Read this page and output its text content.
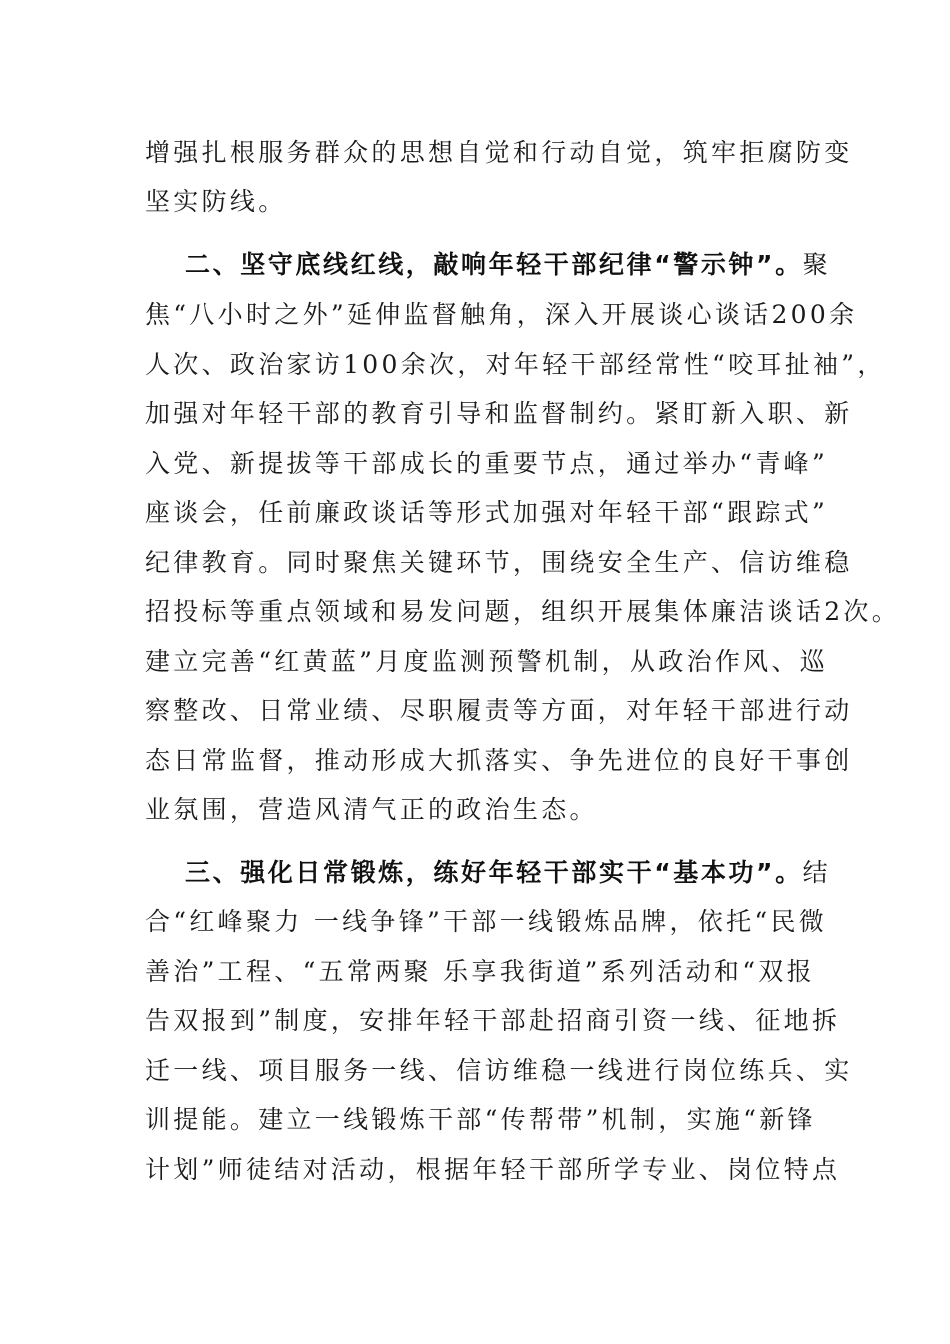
增强扎根服务群众的思想自觉和行动自觉，筑牢拒腐防变
坚实防线。
二、坚守底线红线，敲响年轻干部纪律“警示钟”。聚
焦“八小时之外”延伸监督触角，深入开展谈心谈话200余
人次、政治家访100余次，对年轻干部经常性“咬耳扯袖”，
加强对年轻干部的教育引导和监督制约。紧盯新入职、新
入党、新提拔等干部成长的重要节点，通过举办“青峰”
座谈会，任前廉政谈话等形式加强对年轻干部“跟踪式”
纪律教育。同时聚焦关键环节，围绕安全生产、信访维稳
招投标等重点领域和易发问题，组织开展集体廉洁谈话2次。
建立完善“红黄蓝”月度监测预警机制，从政治作风、巡
察整改、日常业绩、尽职履责等方面，对年轻干部进行动
态日常监督，推动形成大抓落实、争先进位的良好干事创
业氛围，营造风清气正的政治生态。
三、强化日常锻炼，练好年轻干部实干“基本功”。结
合“红峰聚力 一线争锋”干部一线锻炼品牌，依托“民微
善治”工程、“五常两聚 乐享我街道”系列活动和“双报
告双报到”制度，安排年轻干部赴招商引资一线、征地拆
迁一线、项目服务一线、信访维稳一线进行岗位练兵、实
训提能。建立一线锻炼干部“传帮带”机制，实施“新锋
计划”师徒结对活动，根据年轻干部所学专业、岗位特点
